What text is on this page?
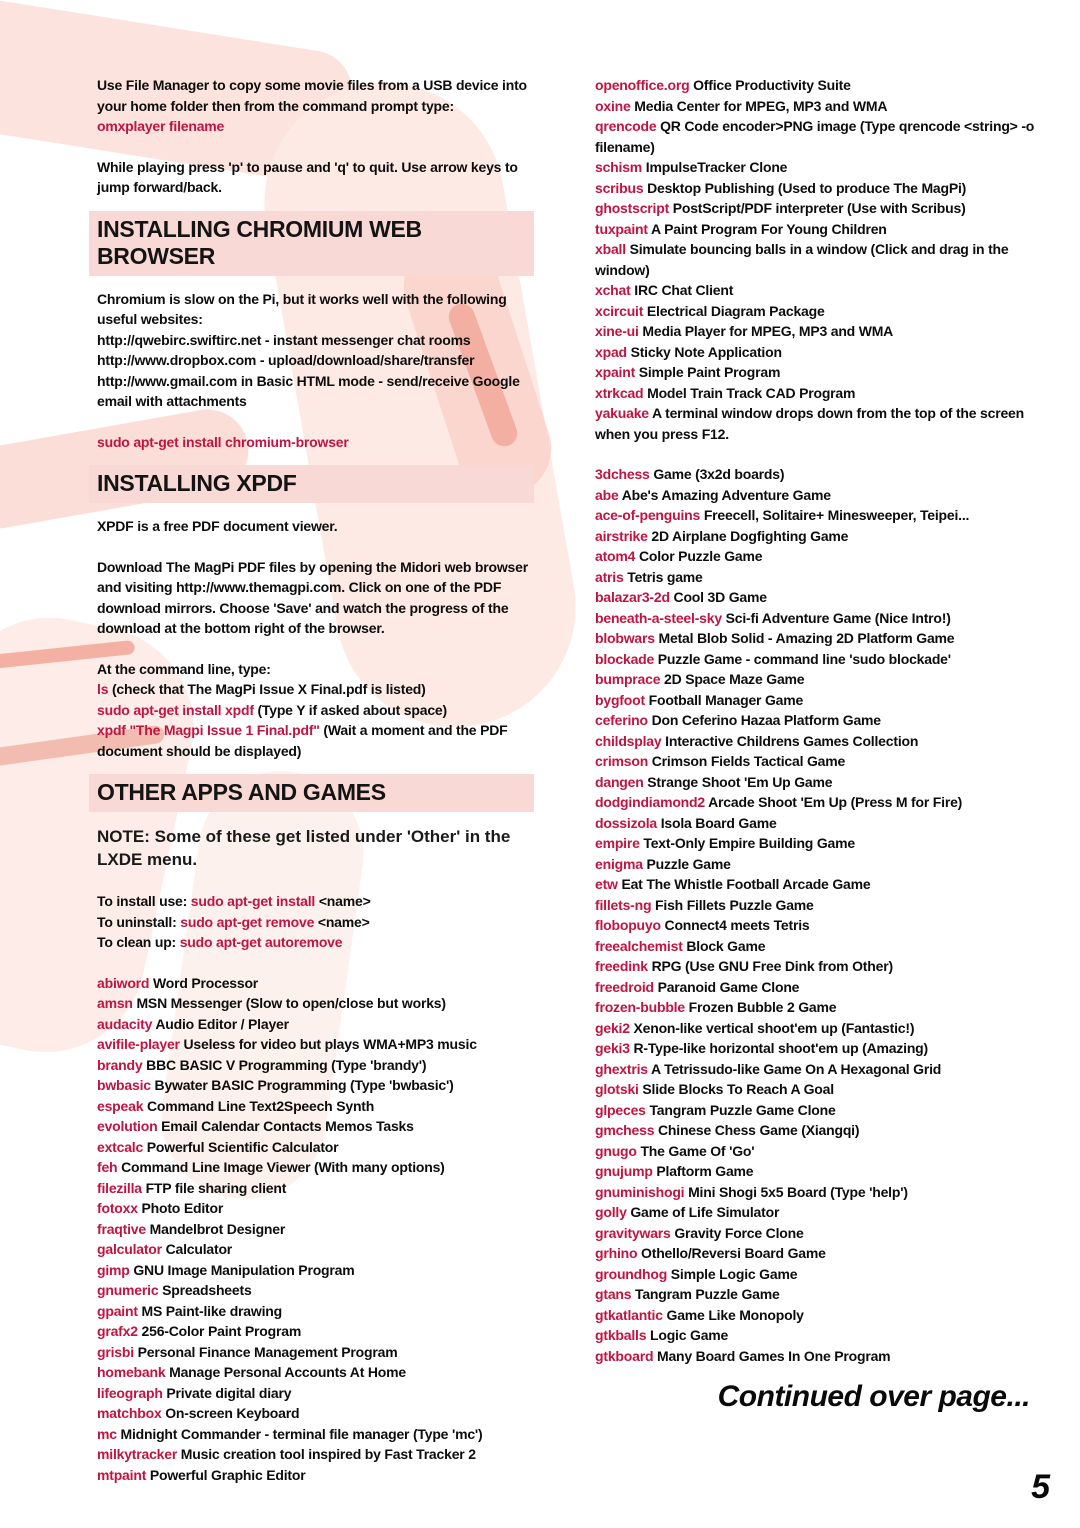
Use File Manager to copy some movie files from a USB device into your home folder then from the command prompt type:

omxplayer filename

While playing press 'p' to pause and 'q' to quit. Use arrow keys to jump forward/back.

INSTALLING CHROMIUM WEB BROWSER

Chromium is slow on the Pi, but it works well with the following useful websites:

http://qwebirc.swiftirc.net - instant messenger chat rooms

http://www.dropbox.com - upload/download/share/transfer

http://www.gmail.com in Basic HTML mode - send/receive Google email with attachments

sudo apt-get install chromium-browser

INSTALLING XPDF

XPDF is a free PDF document viewer.

Download The MagPi PDF files by opening the Midori web browser and visiting http://www.themagpi.com. Click on one of the PDF download mirrors. Choose 'Save' and watch the progress of the download at the bottom right of the browser.

At the command line, type:

ls (check that The MagPi Issue X Final.pdf is listed)

sudo apt-get install xpdf (Type Y if asked about space)

xpdf "The Magpi Issue 1 Final.pdf" (Wait a moment and the PDF document should be displayed)

OTHER APPS AND GAMES

NOTE: Some of these get listed under 'Other' in the LXDE menu.

To install use: sudo apt-get install <name>

To uninstall: sudo apt-get remove <name>

To clean up: sudo apt-get autoremove

abiword Word Processor
amsn MSN Messenger (Slow to open/close but works)
audacity Audio Editor / Player
avifile-player Useless for video but plays WMA+MP3 music
brandy BBC BASIC V Programming (Type 'brandy')
bwbasic Bywater BASIC Programming (Type 'bwbasic')
espeak Command Line Text2Speech Synth
evolution Email Calendar Contacts Memos Tasks
extcalc Powerful Scientific Calculator
feh Command Line Image Viewer (With many options)
filezilla FTP file sharing client
fotoxx Photo Editor
fraqtive Mandelbrot Designer
galculator Calculator
gimp GNU Image Manipulation Program
gnumeric Spreadsheets
gpaint MS Paint-like drawing
grafx2 256-Color Paint Program
grisbi Personal Finance Management Program
homebank Manage Personal Accounts At Home
lifeograph Private digital diary
matchbox On-screen Keyboard
mc Midnight Commander - terminal file manager (Type 'mc')
milkytracker Music creation tool inspired by Fast Tracker 2
mtpaint Powerful Graphic Editor
openoffice.org Office Productivity Suite
oxine Media Center for MPEG, MP3 and WMA
qrencode QR Code encoder>PNG image (Type qrencode <string> -o filename)
schism ImpulseTracker Clone
scribus Desktop Publishing (Used to produce The MagPi)
ghostscript PostScript/PDF interpreter (Use with Scribus)
tuxpaint A Paint Program For Young Children
xball Simulate bouncing balls in a window (Click and drag in the window)
xchat IRC Chat Client
xcircuit Electrical Diagram Package
xine-ui Media Player for MPEG, MP3 and WMA
xpad Sticky Note Application
xpaint Simple Paint Program
xtrkcad Model Train Track CAD Program
yakuake A terminal window drops down from the top of the screen when you press F12.
3dchess Game (3x2d boards)
abe Abe's Amazing Adventure Game
ace-of-penguins Freecell, Solitaire+ Minesweeper, Teipei...
airstrike 2D Airplane Dogfighting Game
atom4 Color Puzzle Game
atris Tetris game
balazar3-2d Cool 3D Game
beneath-a-steel-sky Sci-fi Adventure Game (Nice Intro!)
blobwars Metal Blob Solid - Amazing 2D Platform Game
blockade Puzzle Game - command line 'sudo blockade'
bumprace 2D Space Maze Game
bygfoot Football Manager Game
ceferino Don Ceferino Hazaa Platform Game
childsplay Interactive Childrens Games Collection
crimson Crimson Fields Tactical Game
dangen Strange Shoot 'Em Up Game
dodgindiamond2 Arcade Shoot 'Em Up (Press M for Fire)
dossizola Isola Board Game
empire Text-Only Empire Building Game
enigma Puzzle Game
etw Eat The Whistle Football Arcade Game
fillets-ng Fish Fillets Puzzle Game
flobopuyo Connect4 meets Tetris
freealchemist Block Game
freedink RPG (Use GNU Free Dink from Other)
freedroid Paranoid Game Clone
frozen-bubble Frozen Bubble 2 Game
geki2 Xenon-like vertical shoot'em up (Fantastic!)
geki3 R-Type-like horizontal shoot'em up (Amazing)
ghextris A Tetrissudo-like Game On A Hexagonal Grid
glotski Slide Blocks To Reach A Goal
glpeces Tangram Puzzle Game Clone
gmchess Chinese Chess Game (Xiangqi)
gnugo The Game Of 'Go'
gnujump Plaftorm Game
gnuminishogi Mini Shogi 5x5 Board (Type 'help')
golly Game of Life Simulator
gravitywars Gravity Force Clone
grhino Othello/Reversi Board Game
groundhog Simple Logic Game
gtans Tangram Puzzle Game
gtkatlantic Game Like Monopoly
gtkballs Logic Game
gtkboard Many Board Games In One Program
Continued over page...
5
